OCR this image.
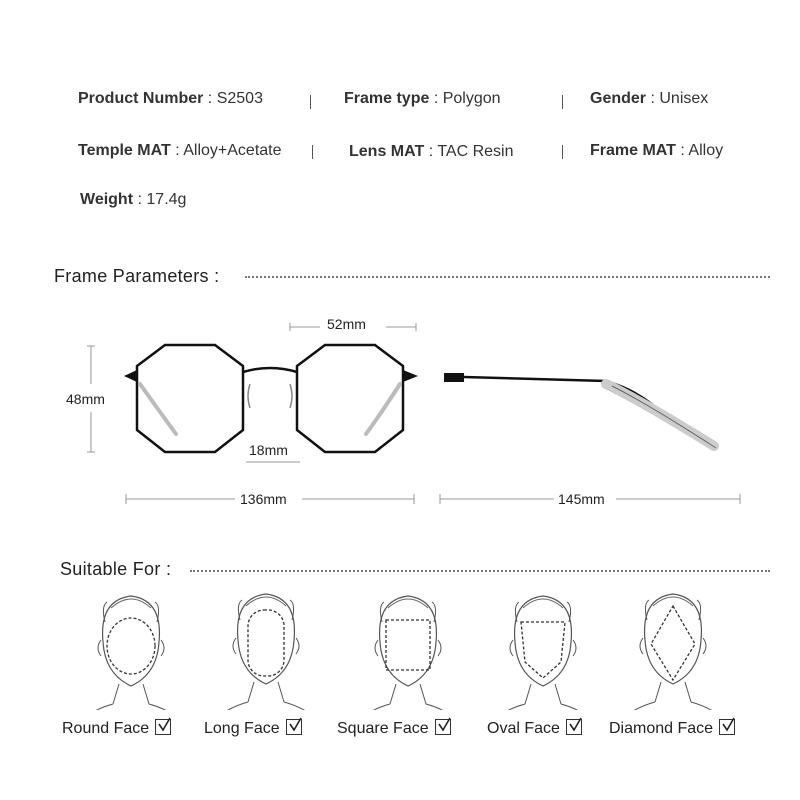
Product Number : S2503	Frame type : Polygon	Gender : Unisex
Temple MAT : Alloy+Acetate	Lens MAT : TAC Resin	Frame MAT : Alloy
Weight : 17.4g
Frame Parameters :
52mm
48mm
18mm
136mm	145mm
Suitable For :
Round Face	Long Face	Square Face	Oval Face	Diamond Face
